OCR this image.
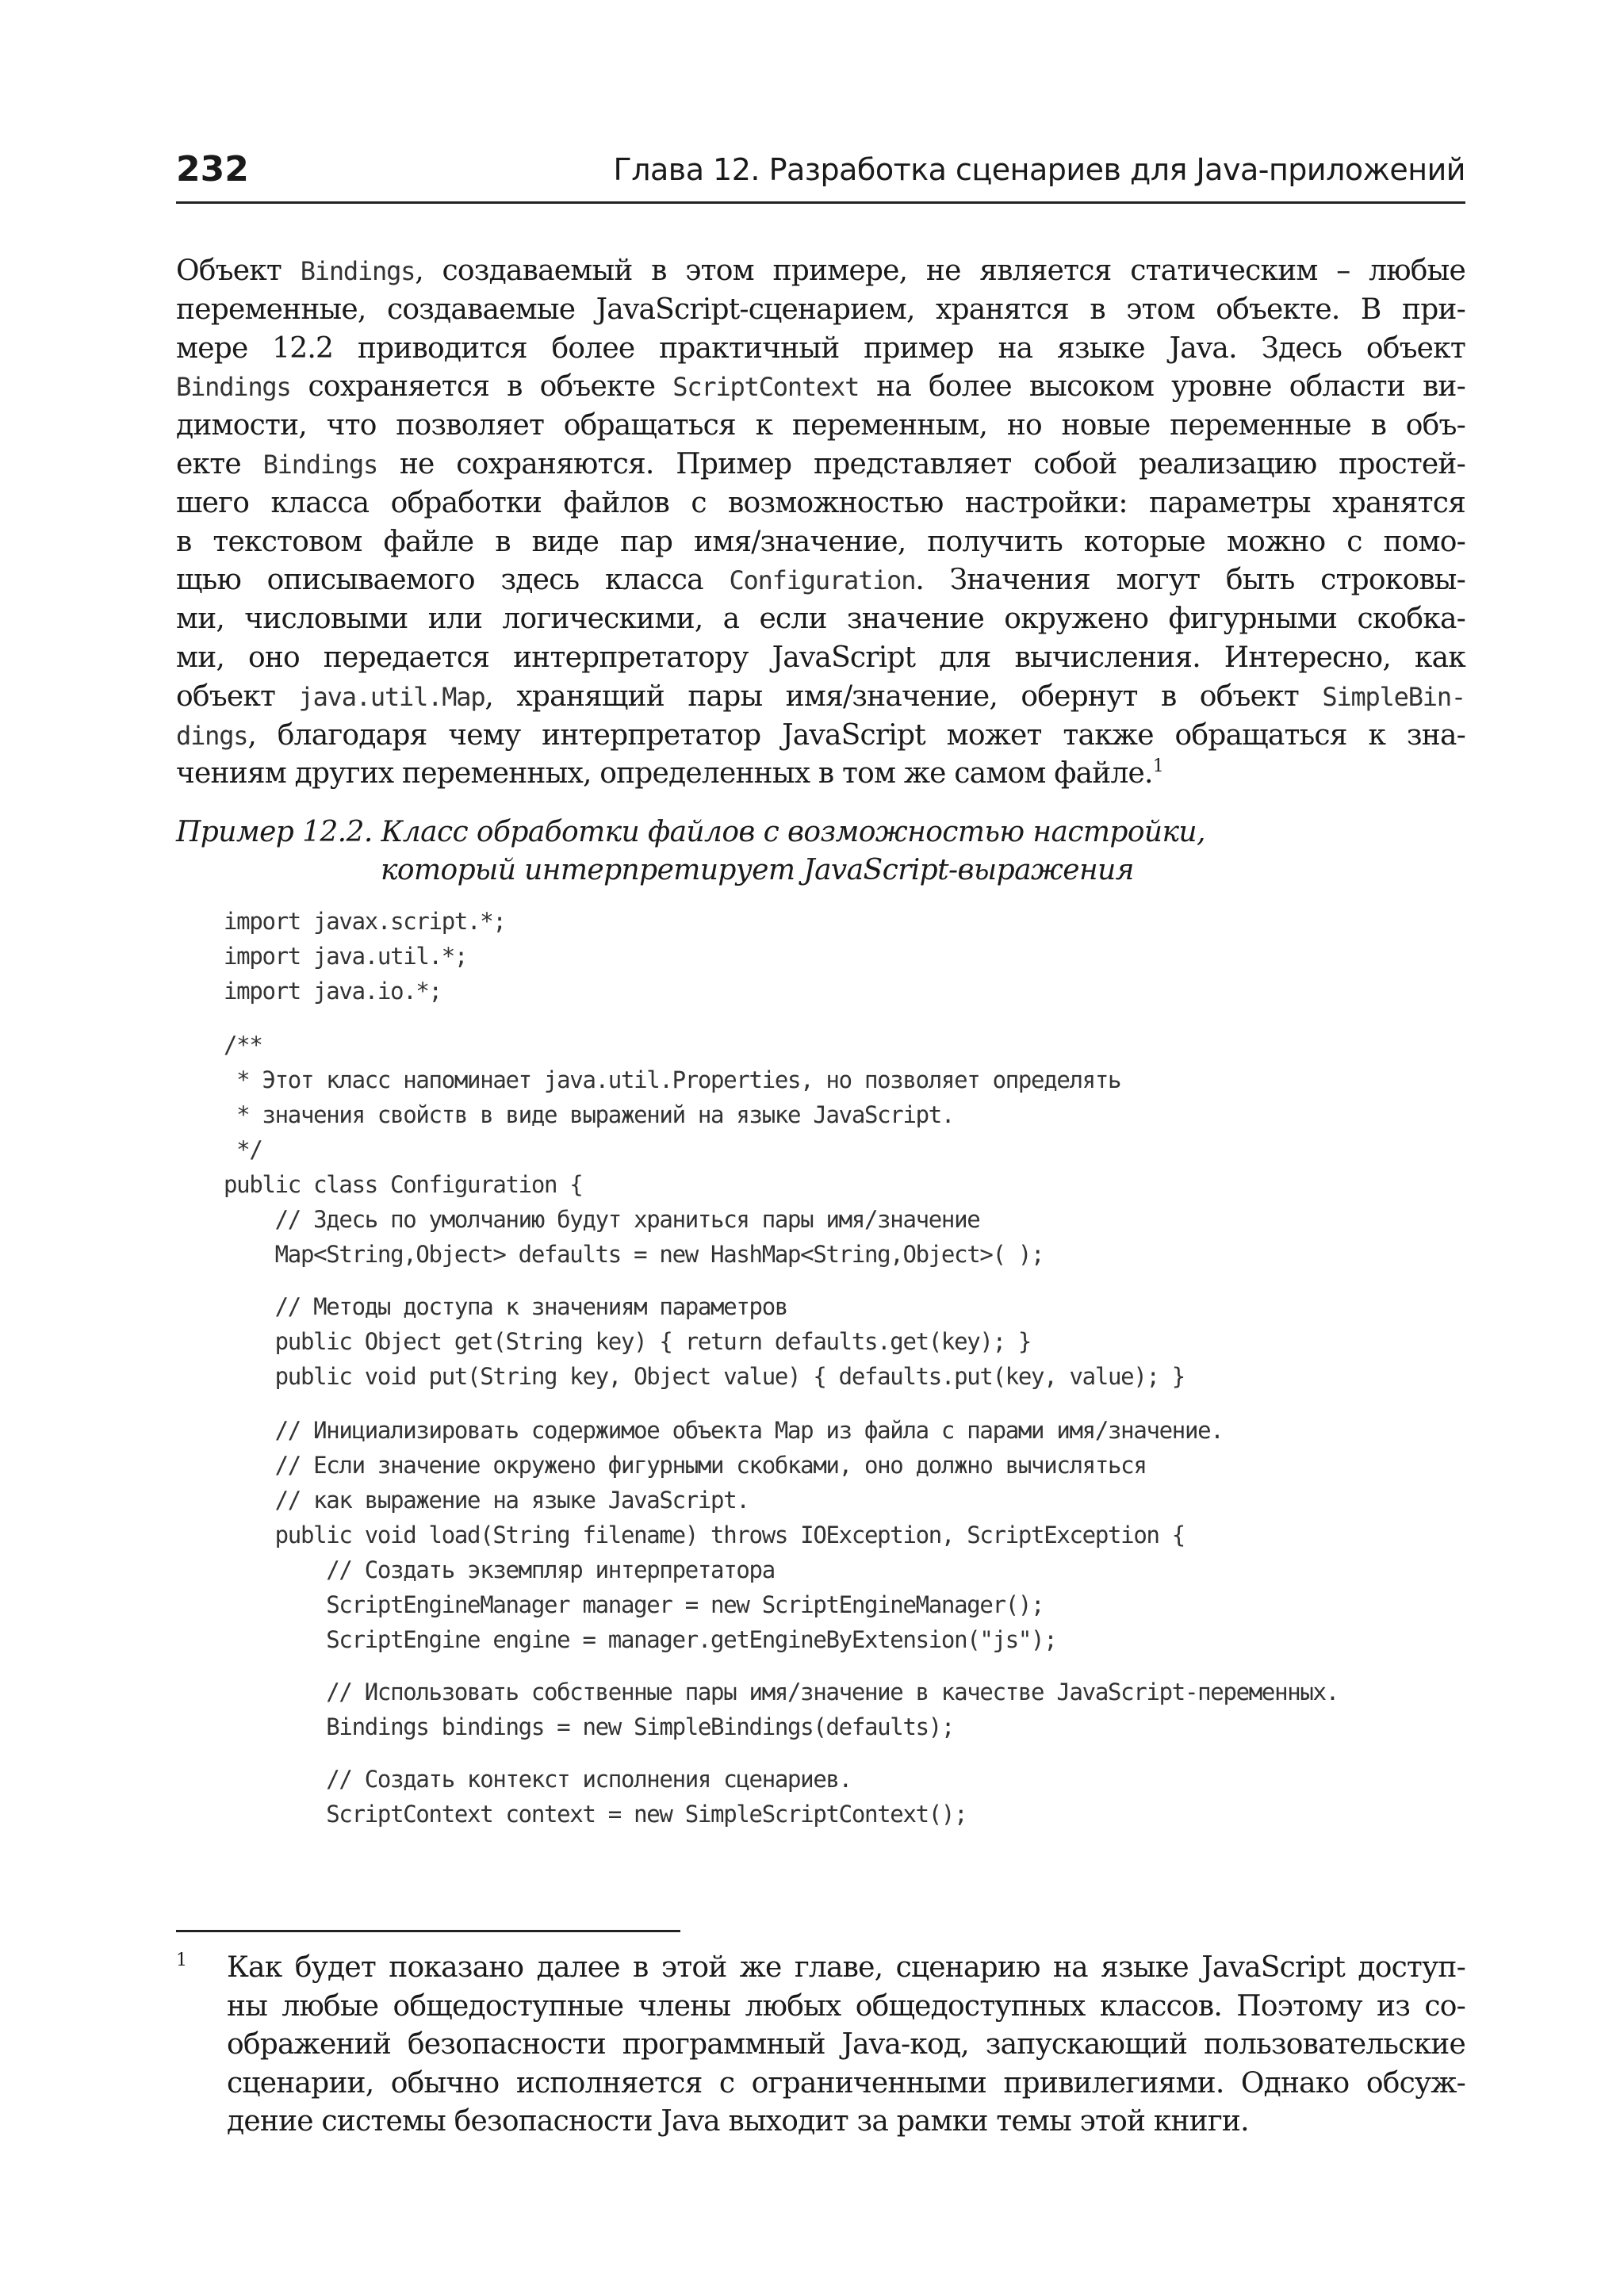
232	Глава 12. Разработка сценариев для Java-приложений
Объект Bindings, создаваемый в этом примере, не является статическим – любые
переменные, создаваемые JavaScript-сценарием, хранятся в этом объекте. В при-
мере 12.2 приводится более практичный пример на языке Java. Здесь объект
Bindings сохраняется в объекте ScriptContext на более высоком уровне области ви-
димости, что позволяет обращаться к переменным, но новые переменные в объ-
екте Bindings не сохраняются. Пример представляет собой реализацию простей-
шего класса обработки файлов с возможностью настройки: параметры хранятся
в текстовом файле в виде пар имя/значение, получить которые можно с помо-
щью описываемого здесь класса Configuration. Значения могут быть строковы-
ми, числовыми или логическими, а если значение окружено фигурными скобка-
ми, оно передается интерпретатору JavaScript для вычисления. Интересно, как
объект java.util.Map, хранящий пары имя/значение, обернут в объект SimpleBin-
dings, благодаря чему интерпретатор JavaScript может также обращаться к зна-
чениям других переменных, определенных в том же самом файле.$^1$
Пример 12.2. Класс обработки файлов с возможностью настройки,
который интерпретирует JavaScript-выражения
import javax.script.*;
import java.util.*;
import java.io.*;
/**
* Этот класс напоминает java.util.Properties, но позволяет определять
* значения свойств в виде выражений на языке JavaScript.
*/
public class Configuration {
// Здесь по умолчанию будут храниться пары имя/значение
Map<String,Object> defaults = new HashMap<String,Object>( );
// Методы доступа к значениям параметров
public Object get(String key) { return defaults.get(key); }
public void put(String key, Object value) { defaults.put(key, value); }
// Инициализировать содержимое объекта Map из файла с парами имя/значение.
// Если значение окружено фигурными скобками, оно должно вычисляться
// как выражение на языке JavaScript.
public void load(String filename) throws IOException, ScriptException {
// Создать экземпляр интерпретатора
ScriptEngineManager manager = new ScriptEngineManager();
ScriptEngine engine = manager.getEngineByExtension("js");
// Использовать собственные пары имя/значение в качестве JavaScript-переменных.
Bindings bindings = new SimpleBindings(defaults);
// Создать контекст исполнения сценариев.
ScriptContext context = new SimpleScriptContext();
1 Как будет показано далее в этой же главе, сценарию на языке JavaScript доступ-
ны любые общедоступные члены любых общедоступных классов. Поэтому из со-
ображений безопасности программный Java-код, запускающий пользовательские
сценарии, обычно исполняется с ограниченными привилегиями. Однако обсуж-
дение системы безопасности Java выходит за рамки темы этой книги.
